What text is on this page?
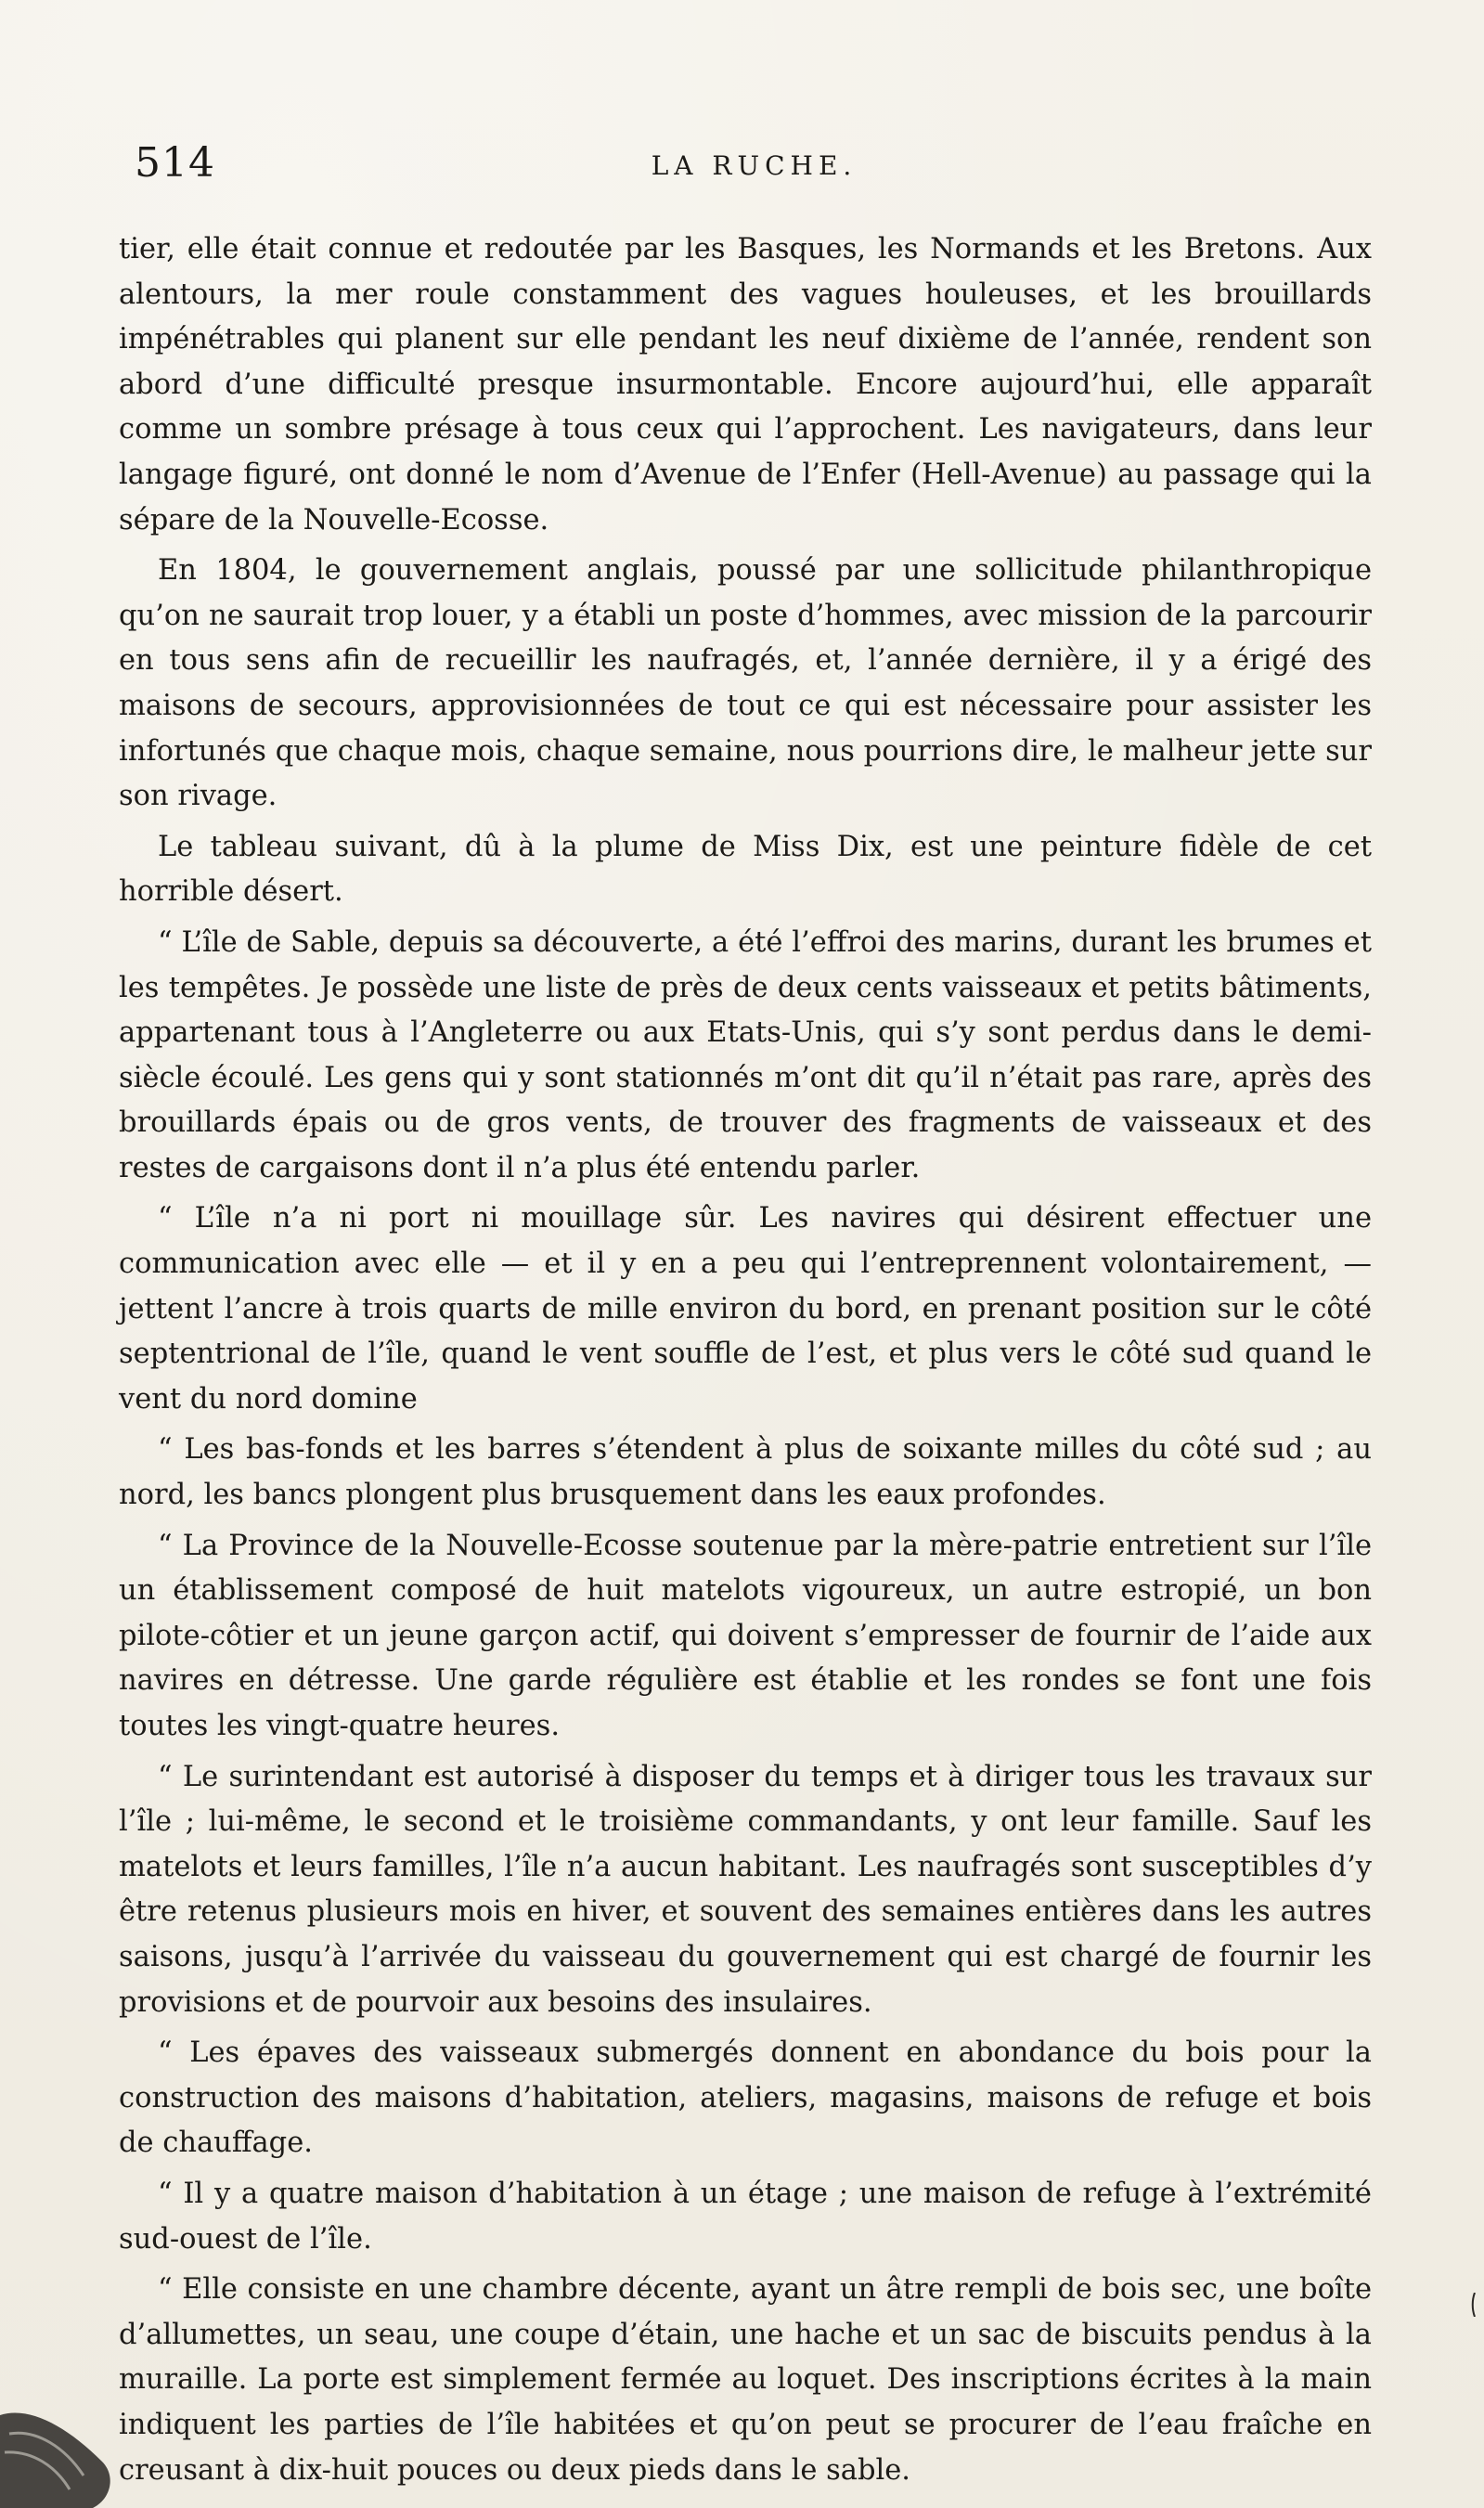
514	LA RUCHE.

tier, elle était connue et redoutée par les Basques, les Normands et les Bretons. Aux alentours, la mer roule constamment des vagues houleuses, et les brouillards impénétrables qui planent sur elle pendant les neuf dixième de l’année, rendent son abord d’une difficulté presque insurmontable. Encore aujourd’hui, elle apparaît comme un sombre présage à tous ceux qui l’approchent. Les navigateurs, dans leur langage figuré, ont donné le nom d’Avenue de l’Enfer (Hell-Avenue) au passage qui la sépare de la Nouvelle-Ecosse.

En 1804, le gouvernement anglais, poussé par une sollicitude philanthropique qu’on ne saurait trop louer, y a établi un poste d’hommes, avec mission de la parcourir en tous sens afin de recueillir les naufragés, et, l’année dernière, il y a érigé des maisons de secours, approvisionnées de tout ce qui est nécessaire pour assister les infortunés que chaque mois, chaque semaine, nous pourrions dire, le malheur jette sur son rivage.

Le tableau suivant, dû à la plume de Miss Dix, est une peinture fidèle de cet horrible désert.

“ L’île de Sable, depuis sa découverte, a été l’effroi des marins, durant les brumes et les tempêtes. Je possède une liste de près de deux cents vaisseaux et petits bâtiments, appartenant tous à l’Angleterre ou aux Etats-Unis, qui s’y sont perdus dans le demi-siècle écoulé. Les gens qui y sont stationnés m’ont dit qu’il n’était pas rare, après des brouillards épais ou de gros vents, de trouver des fragments de vaisseaux et des restes de cargaisons dont il n’a plus été entendu parler.

“ L’île n’a ni port ni mouillage sûr. Les navires qui désirent effectuer une communication avec elle — et il y en a peu qui l’entreprennent volontairement, — jettent l’ancre à trois quarts de mille environ du bord, en prenant position sur le côté septentrional de l’île, quand le vent souffle de l’est, et plus vers le côté sud quand le vent du nord domine

“ Les bas-fonds et les barres s’étendent à plus de soixante milles du côté sud ; au nord, les bancs plongent plus brusquement dans les eaux profondes.

“ La Province de la Nouvelle-Ecosse soutenue par la mère-patrie entretient sur l’île un établissement composé de huit matelots vigoureux, un autre estropié, un bon pilote-côtier et un jeune garçon actif, qui doivent s’empresser de fournir de l’aide aux navires en détresse. Une garde régulière est établie et les rondes se font une fois toutes les vingt-quatre heures.

“ Le surintendant est autorisé à disposer du temps et à diriger tous les travaux sur l’île ; lui-même, le second et le troisième commandants, y ont leur famille. Sauf les matelots et leurs familles, l’île n’a aucun habitant. Les naufragés sont susceptibles d’y être retenus plusieurs mois en hiver, et souvent des semaines entières dans les autres saisons, jusqu’à l’arrivée du vaisseau du gouvernement qui est chargé de fournir les provisions et de pourvoir aux besoins des insulaires.

“ Les épaves des vaisseaux submergés donnent en abondance du bois pour la construction des maisons d’habitation, ateliers, magasins, maisons de refuge et bois de chauffage.

“ Il y a quatre maison d’habitation à un étage ; une maison de refuge à l’extrémité sud-ouest de l’île.

“ Elle consiste en une chambre décente, ayant un âtre rempli de bois sec, une boîte d’allumettes, un seau, une coupe d’étain, une hache et un sac de biscuits pendus à la muraille. La porte est simplement fermée au loquet. Des inscriptions écrites à la main indiquent les parties de l’île habitées et qu’on peut se procurer de l’eau fraîche en creusant à dix-huit pouces ou deux pieds dans le sable.
